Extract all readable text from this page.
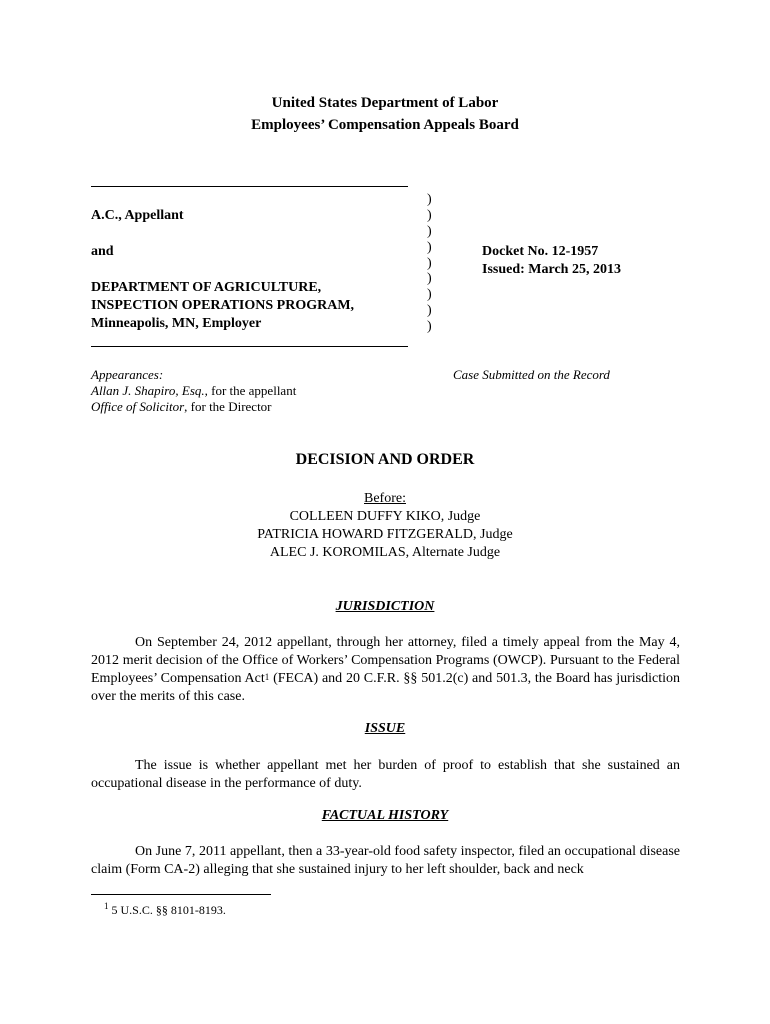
United States Department of Labor
Employees’ Compensation Appeals Board
A.C., Appellant
and
DEPARTMENT OF AGRICULTURE,
INSPECTION OPERATIONS PROGRAM,
Minneapolis, MN, Employer
)
)
)
)
)
)
)
)
)
Docket No. 12-1957
Issued: March 25, 2013
Appearances:
Allan J. Shapiro, Esq., for the appellant
Office of Solicitor, for the Director
Case Submitted on the Record
DECISION AND ORDER
Before:
COLLEEN DUFFY KIKO, Judge
PATRICIA HOWARD FITZGERALD, Judge
ALEC J. KOROMILAS, Alternate Judge
JURISDICTION
On September 24, 2012 appellant, through her attorney, filed a timely appeal from the May 4, 2012 merit decision of the Office of Workers’ Compensation Programs (OWCP). Pursuant to the Federal Employees’ Compensation Act$^1$ (FECA) and 20 C.F.R. §§ 501.2(c) and 501.3, the Board has jurisdiction over the merits of this case.
ISSUE
The issue is whether appellant met her burden of proof to establish that she sustained an occupational disease in the performance of duty.
FACTUAL HISTORY
On June 7, 2011 appellant, then a 33-year-old food safety inspector, filed an occupational disease claim (Form CA-2) alleging that she sustained injury to her left shoulder, back and neck
$^1$ 5 U.S.C. §§ 8101-8193.
